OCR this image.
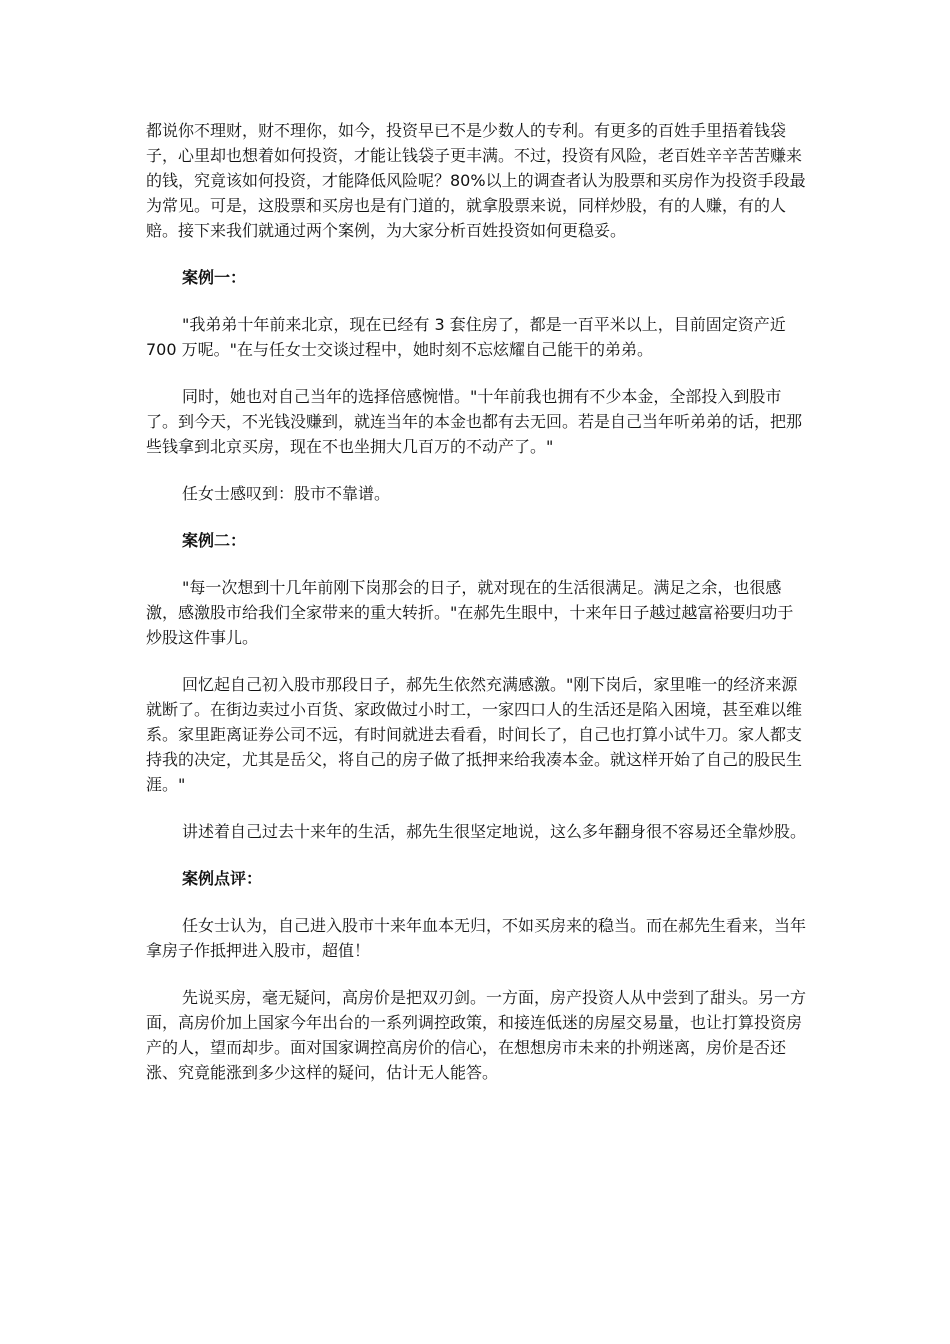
都说你不理财，财不理你，如今，投资早已不是少数人的专利。有更多的百姓手里捂着钱袋子，心里却也想着如何投资，才能让钱袋子更丰满。不过，投资有风险，老百姓辛辛苦苦赚来的钱，究竟该如何投资，才能降低风险呢？80%以上的调查者认为股票和买房作为投资手段最为常见。可是，这股票和买房也是有门道的，就拿股票来说，同样炒股，有的人赚，有的人赔。接下来我们就通过两个案例，为大家分析百姓投资如何更稳妥。

案例一：

"我弟弟十年前来北京，现在已经有 3 套住房了，都是一百平米以上，目前固定资产近 700 万呢。"在与任女士交谈过程中，她时刻不忘炫耀自己能干的弟弟。

同时，她也对自己当年的选择倍感惋惜。"十年前我也拥有不少本金，全部投入到股市了。到今天，不光钱没赚到，就连当年的本金也都有去无回。若是自己当年听弟弟的话，把那些钱拿到北京买房，现在不也坐拥大几百万的不动产了。"

任女士感叹到：股市不靠谱。

案例二：

"每一次想到十几年前刚下岗那会的日子，就对现在的生活很满足。满足之余，也很感激，感激股市给我们全家带来的重大转折。"在郝先生眼中，十来年日子越过越富裕要归功于炒股这件事儿。

回忆起自己初入股市那段日子，郝先生依然充满感激。"刚下岗后，家里唯一的经济来源就断了。在街边卖过小百货、家政做过小时工，一家四口人的生活还是陷入困境，甚至难以维系。家里距离证券公司不远，有时间就进去看看，时间长了，自己也打算小试牛刀。家人都支持我的决定，尤其是岳父，将自己的房子做了抵押来给我凑本金。就这样开始了自己的股民生涯。"

讲述着自己过去十来年的生活，郝先生很坚定地说，这么多年翻身很不容易还全靠炒股。

案例点评：

任女士认为，自己进入股市十来年血本无归，不如买房来的稳当。而在郝先生看来，当年拿房子作抵押进入股市，超值！

先说买房，毫无疑问，高房价是把双刃剑。一方面，房产投资人从中尝到了甜头。另一方面，高房价加上国家今年出台的一系列调控政策，和接连低迷的房屋交易量，也让打算投资房产的人，望而却步。面对国家调控高房价的信心，在想想房市未来的扑朔迷离，房价是否还涨、究竟能涨到多少这样的疑问，估计无人能答。
